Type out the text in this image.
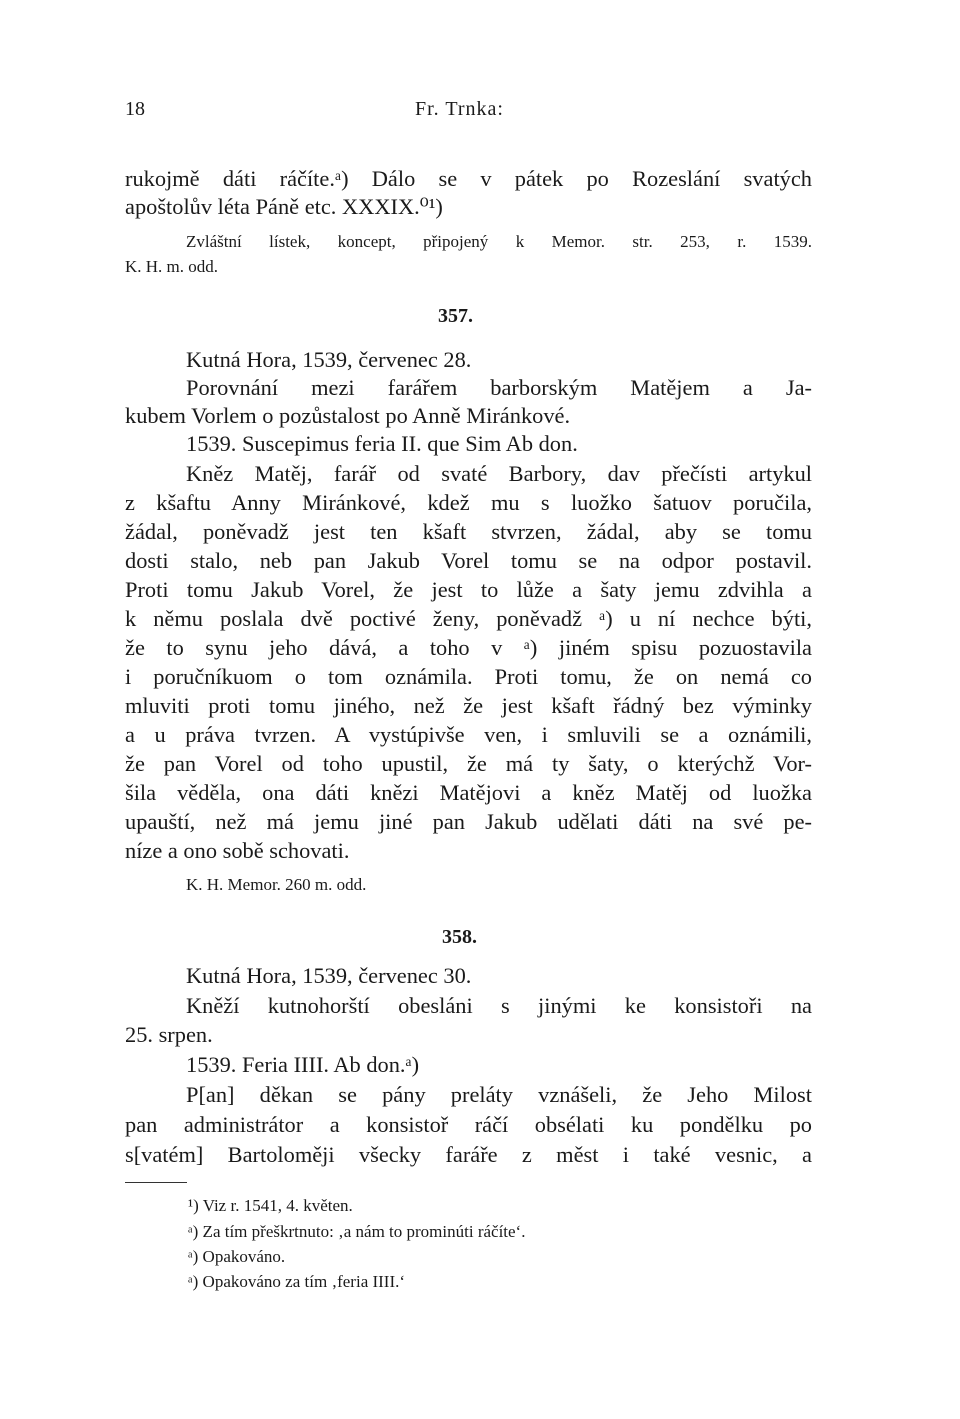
18	Fr. Trnka:
rukojmě dáti ráčíte.ᵃ) Dálo se v pátek po Rozeslání svatých
apoštolův léta Páně etc. XXXIX.⁰¹)
Zvláštní lístek, koncept, připojený k Memor. str. 253, r. 1539.
K. H. m. odd.
357.
Kutná Hora, 1539, červenec 28.
Porovnání mezi farářem barborským Matějem a Ja-
kubem Vorlem o pozůstalost po Anně Miránkové.
1539. Suscepimus feria II. que Sim Ab don.
Kněz Matěj, farář od svaté Barbory, dav přečísti artykul
z kšaftu Anny Miránkové, kdež mu s luožko šatuov poručila,
žádal, poněvadž jest ten kšaft stvrzen, žádal, aby se tomu
dosti stalo, neb pan Jakub Vorel tomu se na odpor postavil.
Proti tomu Jakub Vorel, že jest to lůže a šaty jemu zdvihla a
k němu poslala dvě poctivé ženy, poněvadž ᵃ) u ní nechce býti,
že to synu jeho dává, a toho v ᵃ) jiném spisu pozuostavila
i poručníkuom o tom oznámila. Proti tomu, že on nemá co
mluviti proti tomu jiného, než že jest kšaft řádný bez výminky
a u práva tvrzen. A vystúpivše ven, i smluvili se a oznámili,
že pan Vorel od toho upustil, že má ty šaty, o kterýchž Vor-
šila věděla, ona dáti knězi Matějovi a kněz Matěj od luožka
upauští, než má jemu jiné pan Jakub udělati dáti na své pe-
níze a ono sobě schovati.
K. H. Memor. 260 m. odd.
358.
Kutná Hora, 1539, červenec 30.
Kněží kutnohorští obesláni s jinými ke konsistoři na
25. srpen.
1539. Feria IIII. Ab don.ᵃ)
P[an] děkan se pány preláty vznášeli, že Jeho Milost
pan administrátor a konsistoř ráčí obsélati ku pondělku po
s[vatém] Bartoloměji všecky faráře z měst i také vesnic, a
¹) Viz r. 1541, 4. květen.
ᵃ) Za tím přeškrtnuto: ‚a nám to prominúti ráčíte‘.
ᵃ) Opakováno.
ᵃ) Opakováno za tím ‚feria IIII.‘
